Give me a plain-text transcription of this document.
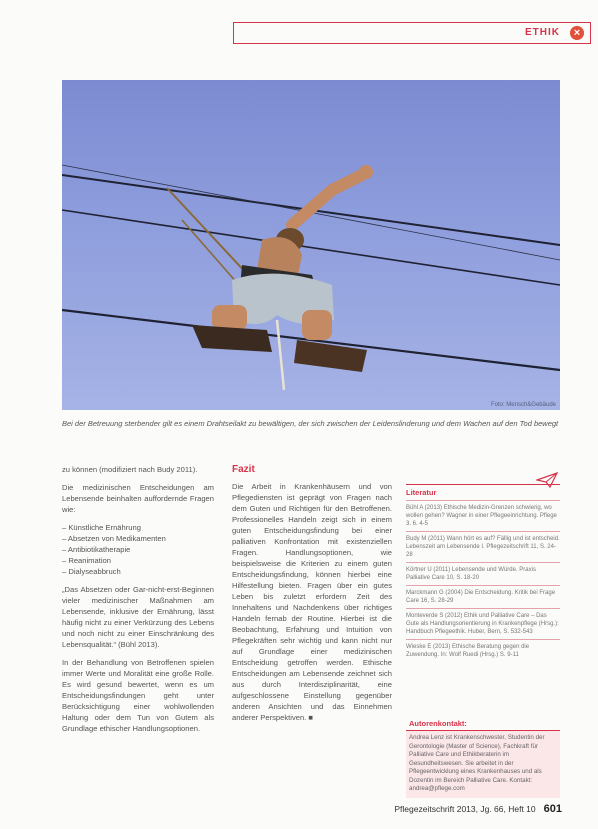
ETHIK	×
Foto: Mensch&Gebäude
Bei der Betreuung sterbender gilt es einem Drahtseilakt zu bewältigen, der sich zwischen der Leidenslinderung und dem Wachen auf den Tod bewegt

zu können (modifiziert nach Budy 2011).

Die medizinischen Entscheidungen am Lebensende beinhalten auffordernde Fragen wie:

– Künstliche Ernährung
– Absetzen von Medikamenten
– Antibiotikatherapie
– Reanimation
– Dialyseabbruch

„Das Absetzen oder Gar-nicht-erst-Beginnen vieler medizinischer Maßnahmen am Lebensende, inklusive der Ernährung, lässt häufig nicht zu einer Verkürzung des Lebens und noch nicht zu einer Einschränkung des Lebensqualität.“ (Bühl 2013).

In der Behandlung von Betroffenen spielen immer Werte und Moralität eine große Rolle. Es wird gesund bewertet, wenn es um Entscheidungsfindungen geht unter Berücksichtigung einer wohlwollenden Haltung oder dem Tun von Gutem als Grundlage ethischer Handlungsoptionen.

Fazit

Die Arbeit in Krankenhäusern und von Pflegediensten ist geprägt von Fragen nach dem Guten und Richtigen für den Betroffenen. Professionelles Handeln zeigt sich in einem guten Entscheidungsfindung bei einer palliativen Konfrontation mit existenziellen Fragen. Handlungsoptionen, wie beispielsweise die Kriterien zu einem guten Entscheidungsfindung, können hierbei eine Hilfestellung bieten. Fragen über ein gutes Leben bis zuletzt erfordern Zeit des Innehaltens und Nachdenkens über richtiges Handeln fernab der Routine. Hierbei ist die Beobachtung, Erfahrung und Intuition von Pflegekräften sehr wichtig und kann nicht nur auf Grundlage einer medizinischen Entscheidung getroffen werden. Ethische Entscheidungen am Lebensende zeichnet sich aus durch Interdisziplinarität, eine aufgeschlossene Einstellung gegenüber anderen Ansichten und das Einnehmen anderer Perspektiven. ■

Literatur
Bühl A (2013) Ethische Medizin-Grenzen schwierig, wo wollen gehen? Wagner in einer Pflegeeinrichtung. Pflege 3. 6. 4-5
Budy M (2011) Wann hört es auf? Fällig und ist entscheid. Lebenszeit am Lebensende I. Pflegezeitschrift 11, S. 24-28
Körtner U (2011) Lebensende und Würde. Praxis Palliative Care 10, S. 18-20
Marckmann G (2004) Die Entscheidung. Kritik bei Frage Care 16, S. 28-29
Monteverde S (2012) Ethik und Palliative Care – Das Gute als Handlungsorientierung in Krankenpflege (Hrsg.): Handbuch Pflegeethik. Huber, Bern, S. 532-543
Wieske E (2013) Ethische Beratung gegen die Zuwendung. In: Wolf Ruedi (Hrsg.) S. 9-11
Autorenkontakt:
Andrea Lenz ist Krankenschwester, Studentin der Gerontologie (Master of Science), Fachkraft für Palliative Care und Ethikberaterin im Gesundheitswesen. Sie arbeitet in der Pflegeentwicklung eines Krankenhauses und als Dozentin im Bereich Palliative Care. Kontakt: andrea@pflege.com
Pflegezeitschrift 2013, Jg. 66, Heft 10 601
